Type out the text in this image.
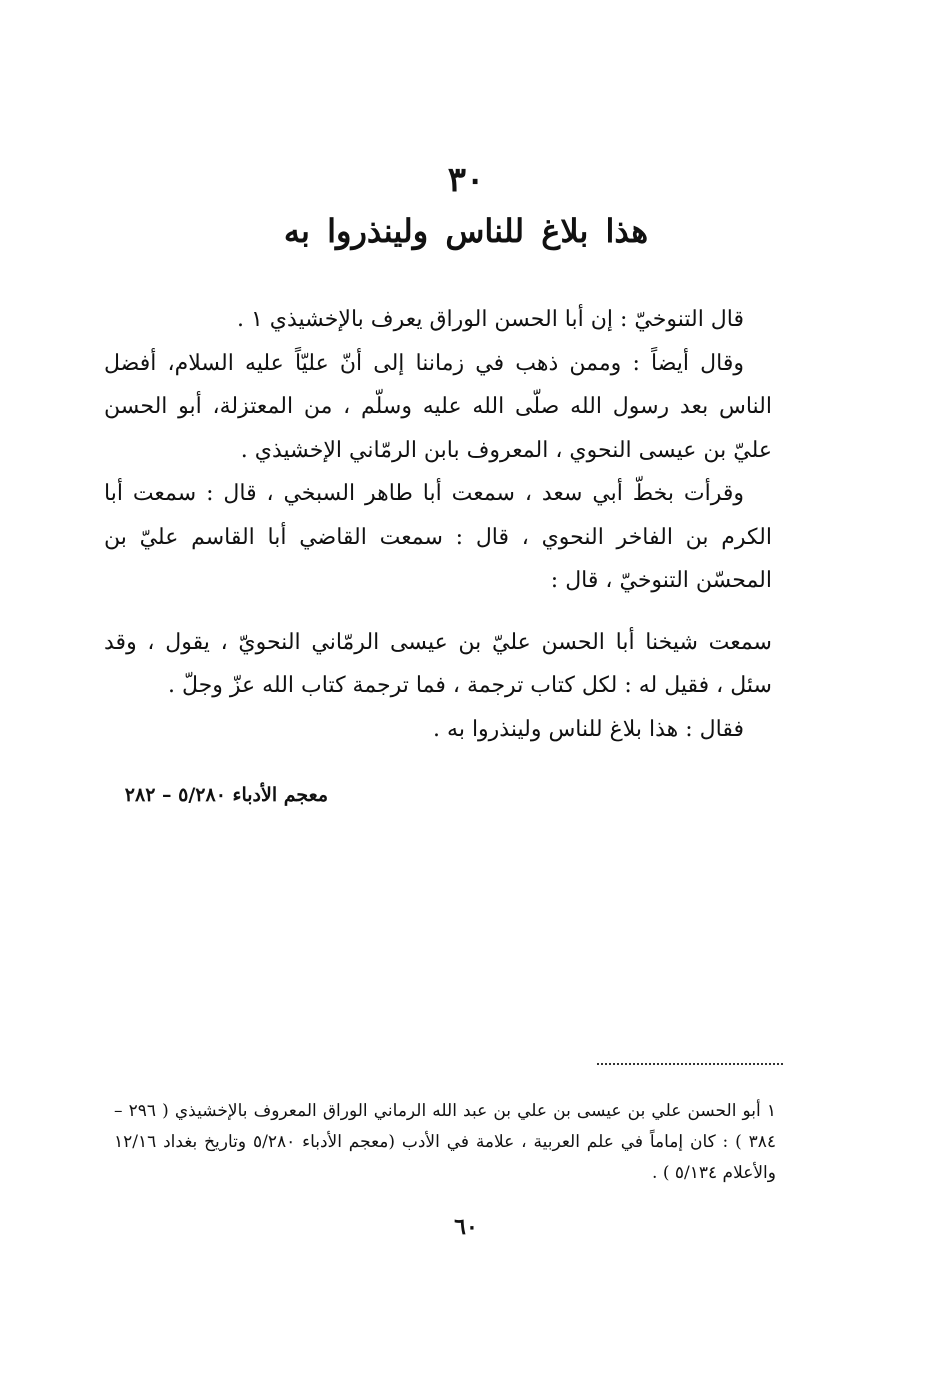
٣٠
هذا بلاغ للناس ولينذروا به

قال التنوخيّ : إن أبا الحسن الوراق يعرف بالإخشيذي ١ .

وقال أيضاً : وممن ذهب في زماننا إلى أنّ عليّاً عليه السلام، أفضل الناس بعد رسول الله صلّى الله عليه وسلّم ، من المعتزلة، أبو الحسن عليّ بن عيسى النحوي ، المعروف بابن الرمّاني الإخشيذي .

وقرأت بخطّ أبي سعد ، سمعت أبا طاهر السبخي ، قال : سمعت أبا الكرم بن الفاخر النحوي ، قال : سمعت القاضي أبا القاسم عليّ بن المحسّن التنوخيّ ، قال :

سمعت شيخنا أبا الحسن عليّ بن عيسى الرمّاني النحويّ ، يقول ، وقد سئل ، فقيل له : لكل كتاب ترجمة ، فما ترجمة كتاب الله عزّ وجلّ .

فقال : هذا بلاغ للناس ولينذروا به .

معجم الأدباء ٥/٢٨٠ – ٢٨٢

١ أبو الحسن علي بن عيسى بن علي بن عبد الله الرماني الوراق المعروف بالإخشيذي ( ٢٩٦ – ٣٨٤ ) : كان إماماً في علم العربية ، علامة في الأدب (معجم الأدباء ٥/٢٨٠ وتاريخ بغداد ١٢/١٦ والأعلام ٥/١٣٤ ) .

٦٠
